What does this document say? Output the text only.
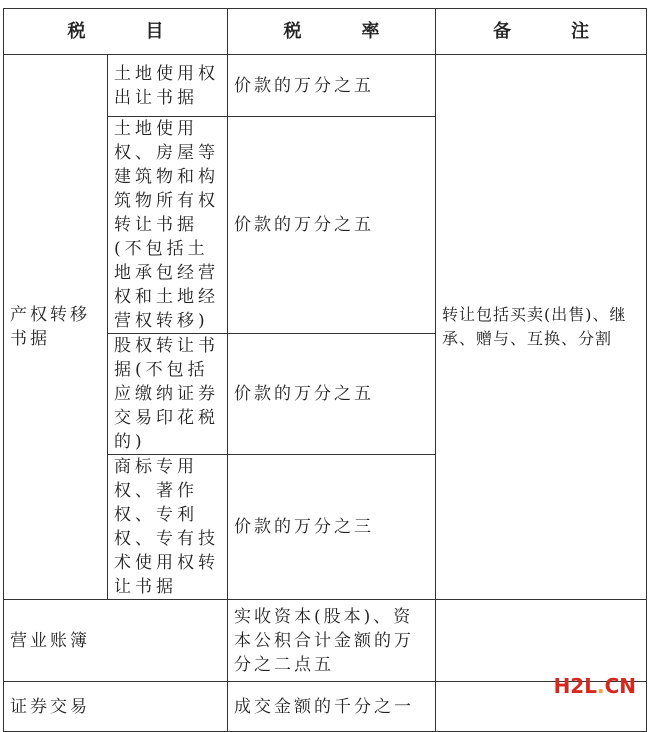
税 目		税 率	备 注
产权转移书据	土地使用权出让书据	价款的万分之五	转让包括买卖(出售)、继承、赠与、互换、分割
	土地使用权、房屋等建筑物和构筑物所有权转让书据(不包括土地承包经营权和土地经营权转移)	价款的万分之五	
	股权转让书据(不包括应缴纳证券交易印花税的)	价款的万分之五	
	商标专用权、著作权、专利权、专有技术使用权转让书据	价款的万分之三	
营业账簿		实收资本(股本)、资本公积合计金额的万分之二点五	
证券交易		成交金额的千分之一	
H2L.CN
